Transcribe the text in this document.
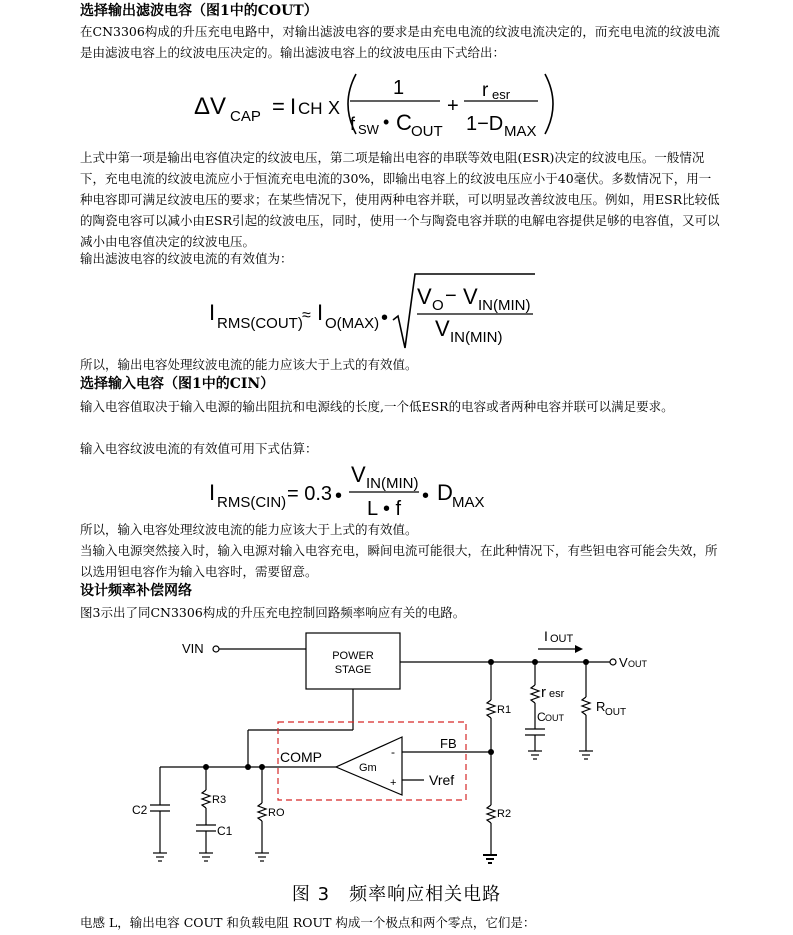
选择输出滤波电容（图1中的COUT）
在CN3306构成的升压充电电路中，对输出滤波电容的要求是由充电电流的纹波电流决定的，而充电电流的纹波电流是由滤波电容上的纹波电压决定的。输出滤波电容上的纹波电压由下式给出：
ΔV CAP = I CH X
1
f SW • C OUT
+
r esr
1−D MAX
上式中第一项是输出电容值决定的纹波电压，第二项是输出电容的串联等效电阻(ESR)决定的纹波电压。一般情况下，充电电流的纹波电流应小于恒流充电电流的30%，即输出电容上的纹波电压应小于40毫伏。多数情况下，用一种电容即可满足纹波电压的要求；在某些情况下，使用两种电容并联，可以明显改善纹波电压。例如，用ESR比较低的陶瓷电容可以减小由ESR引起的纹波电压，同时，使用一个与陶瓷电容并联的电解电容提供足够的电容值，又可以减小由电容值决定的纹波电压。
输出滤波电容的纹波电流的有效值为：
I RMS(COUT) ≈ I O(MAX) •
V O − V IN(MIN)
V IN(MIN)
所以，输出电容处理纹波电流的能力应该大于上式的有效值。
选择输入电容（图1中的CIN）
输入电容值取决于输入电源的输出阻抗和电源线的长度,一个低ESR的电容或者两种电容并联可以满足要求。
输入电容纹波电流的有效值可用下式估算：
I RMS(CIN) = 0.3 •
V IN(MIN)
L • f
• D MAX
所以，输入电容处理纹波电流的能力应该大于上式的有效值。
当输入电源突然接入时，输入电源对输入电容充电，瞬间电流可能很大，在此种情况下，有些钽电容可能会失效，所以选用钽电容作为输入电容时，需要留意。
设计频率补偿网络
图3示出了同CN3306构成的升压充电控制回路频率响应有关的电路。
VIN	POWER
STAGE
I OUT
V OUT
r esr
C OUT
R OUT
R1
R2
R3
C1
C2	RO
COMP
Gm
FB
Vref
-
+
图 3　频率响应相关电路
电感 L，输出电容 COUT 和负载电阻 ROUT 构成一个极点和两个零点，它们是：
